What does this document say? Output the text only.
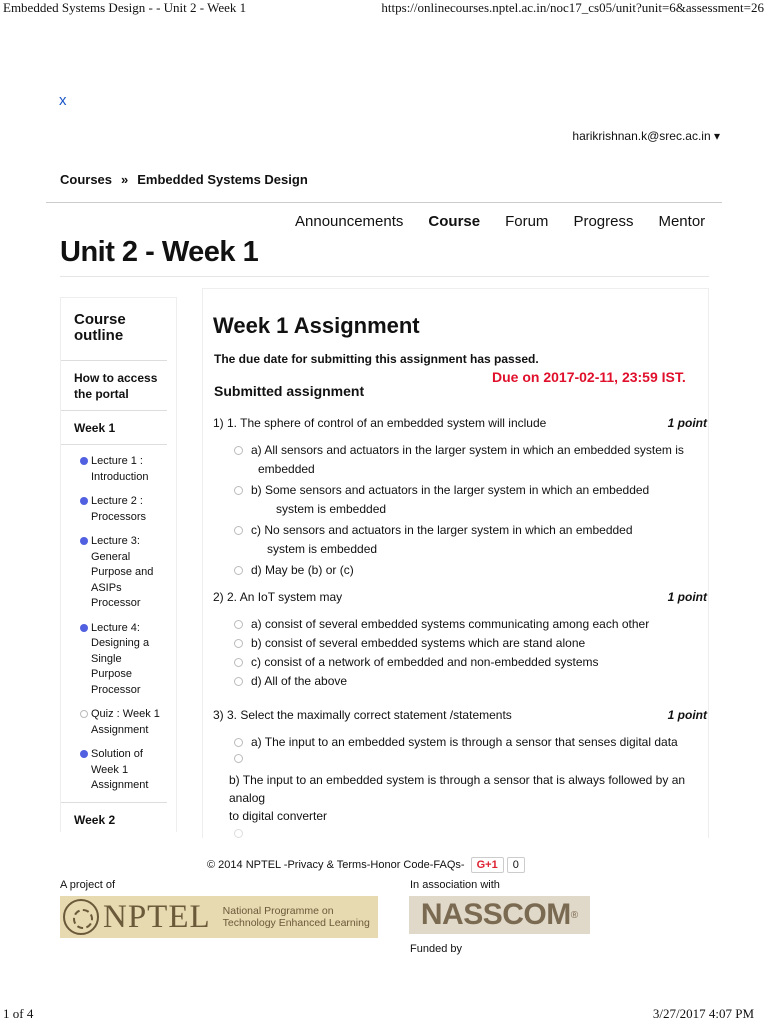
Embedded Systems Design - - Unit 2 - Week 1	https://onlinecourses.nptel.ac.in/noc17_cs05/unit?unit=6&assessment=26
1 of 4	3/27/2017 4:07 PM
x
harikrishnan.k@srec.ac.in ▾
Courses » Embedded Systems Design
Announcements Course Forum Progress Mentor
Unit 2 - Week 1
Course outline
How to access the portal
Week 1
Lecture 1 : Introduction
Lecture 2 : Processors
Lecture 3: General Purpose and ASIPs Processor
Lecture 4: Designing a Single Purpose Processor
Quiz : Week 1 Assignment
Solution of Week 1 Assignment
Week 2
Week 1 Assignment
The due date for submitting this assignment has passed.
Due on 2017-02-11, 23:59 IST.
Submitted assignment
1) 1. The sphere of control of an embedded system will include	1 point
a) All sensors and actuators in the larger system in which an embedded system is
embedded
b) Some sensors and actuators in the larger system in which an embedded
system is embedded
c) No sensors and actuators in the larger system in which an embedded
system is embedded
d) May be (b) or (c)
2) 2. An IoT system may	1 point
a) consist of several embedded systems communicating among each other
b) consist of several embedded systems which are stand alone
c) consist of a network of embedded and non-embedded systems
d) All of the above
3) 3. Select the maximally correct statement /statements	1 point
a) The input to an embedded system is through a sensor that senses digital data
b) The input to an embedded system is through a sensor that is always followed by an
analog
to digital converter
© 2014 NPTEL - Privacy & Terms - Honor Code - FAQs -	G+1	0
A project of	In association with
Funded by
NPTEL National Programme on
Technology Enhanced Learning NASSCOM ®
